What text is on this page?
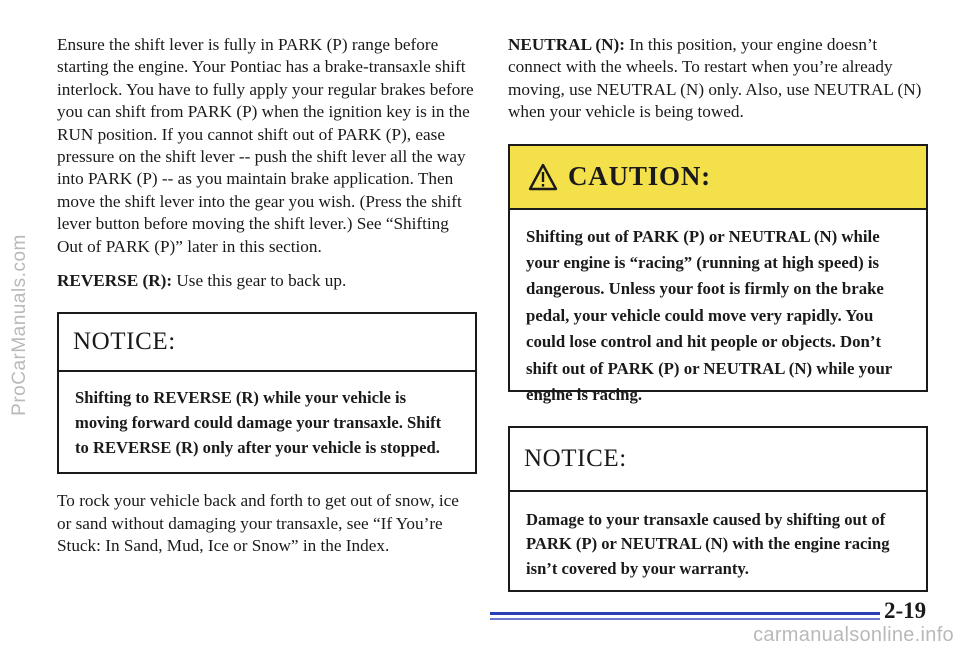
ProCarManuals.com

Ensure the shift lever is fully in PARK (P) range before starting the engine. Your Pontiac has a brake-transaxle shift interlock. You have to fully apply your regular brakes before you can shift from PARK (P) when the ignition key is in the RUN position. If you cannot shift out of PARK (P), ease pressure on the shift lever -- push the shift lever all the way into PARK (P) -- as you maintain brake application. Then move the shift lever into the gear you wish. (Press the shift lever button before moving the shift lever.) See “Shifting Out of PARK (P)” later in this section.

REVERSE (R): Use this gear to back up.

NOTICE:
Shifting to REVERSE (R) while your vehicle is moving forward could damage your transaxle. Shift to REVERSE (R) only after your vehicle is stopped.

To rock your vehicle back and forth to get out of snow, ice or sand without damaging your transaxle, see “If You’re Stuck: In Sand, Mud, Ice or Snow” in the Index.

NEUTRAL (N): In this position, your engine doesn’t connect with the wheels. To restart when you’re already moving, use NEUTRAL (N) only. Also, use NEUTRAL (N) when your vehicle is being towed.

CAUTION:
Shifting out of PARK (P) or NEUTRAL (N) while your engine is “racing” (running at high speed) is dangerous. Unless your foot is firmly on the brake pedal, your vehicle could move very rapidly. You could lose control and hit people or objects. Don’t shift out of PARK (P) or NEUTRAL (N) while your engine is racing.
NOTICE:
Damage to your transaxle caused by shifting out of PARK (P) or NEUTRAL (N) with the engine racing isn’t covered by your warranty.
2-19
carmanualsonline.info
